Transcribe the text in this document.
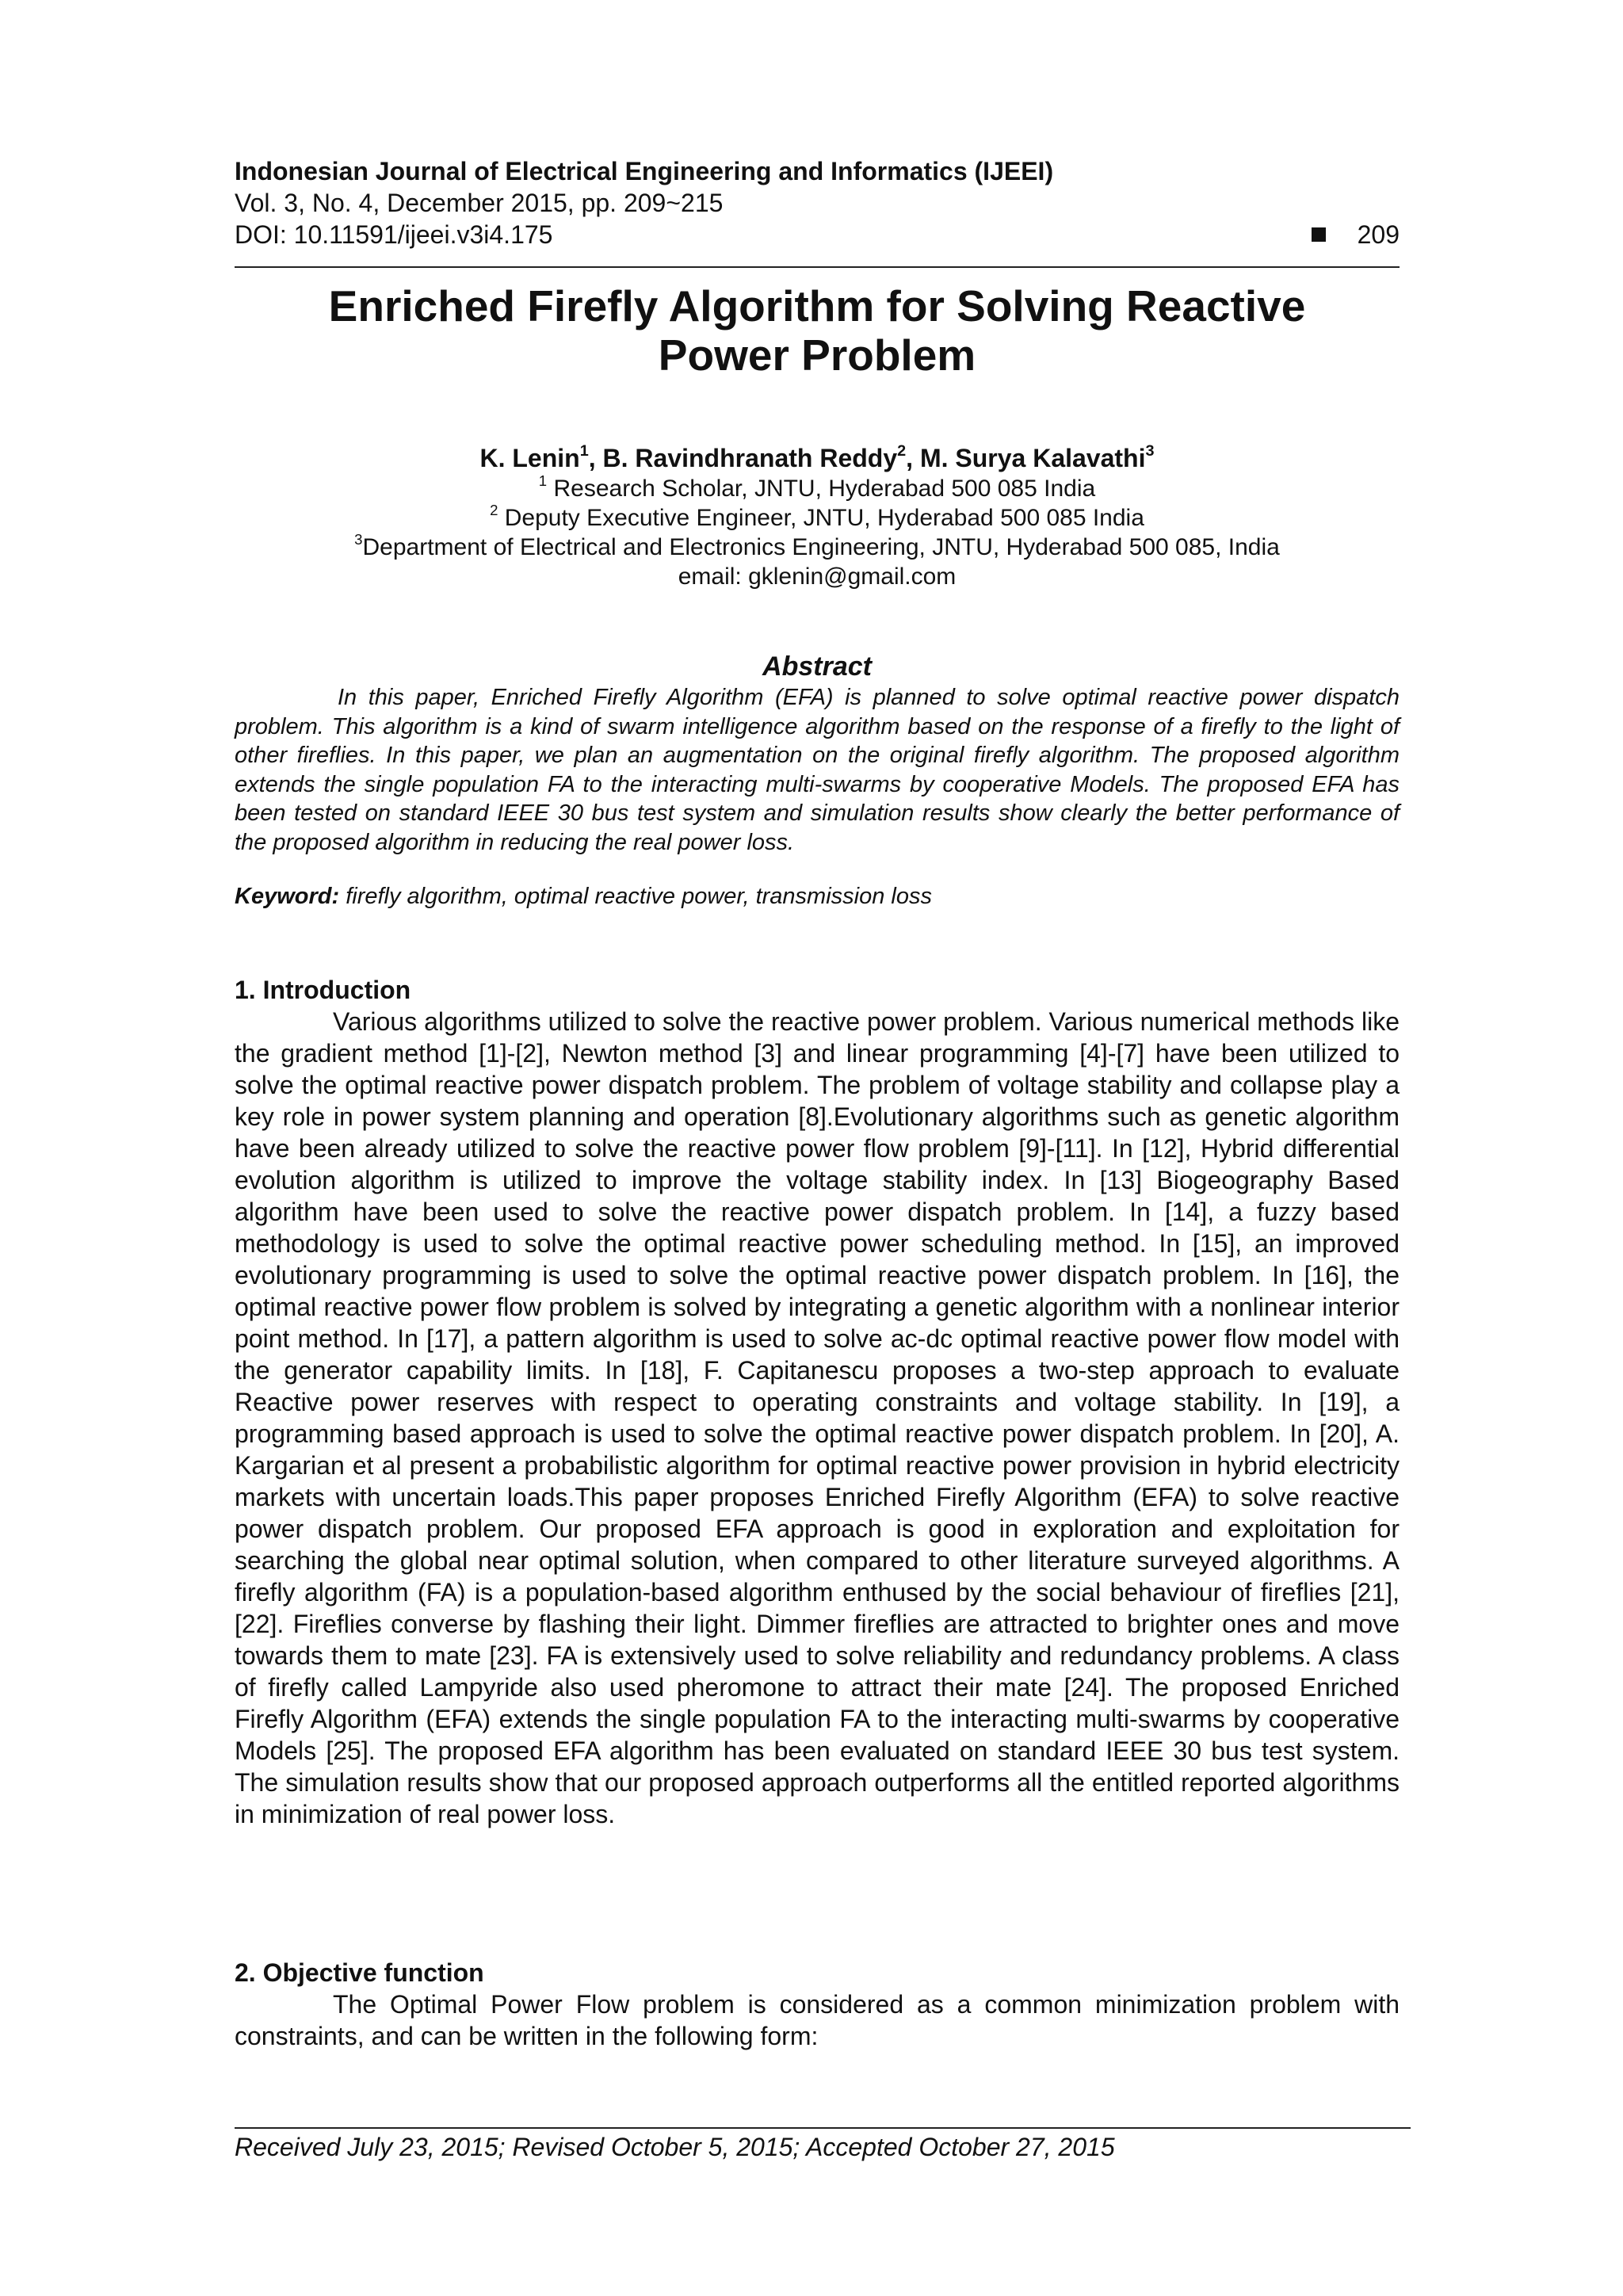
Indonesian Journal of Electrical Engineering and Informatics (IJEEI)
Vol. 3, No. 4, December 2015, pp. 209~215
DOI: 10.11591/ijeei.v3i4.175	209
Enriched Firefly Algorithm for Solving Reactive
Power Problem
K. Lenin$^1$, B. Ravindhranath Reddy$^2$, M. Surya Kalavathi$^3$
$^1$ Research Scholar, JNTU, Hyderabad 500 085 India
$^2$ Deputy Executive Engineer, JNTU, Hyderabad 500 085 India
$^3$Department of Electrical and Electronics Engineering, JNTU, Hyderabad 500 085, India
email: gklenin@gmail.com
Abstract

In this paper, Enriched Firefly Algorithm (EFA) is planned to solve optimal reactive power dispatch problem. This algorithm is a kind of swarm intelligence algorithm based on the response of a firefly to the light of other fireflies. In this paper, we plan an augmentation on the original firefly algorithm. The proposed algorithm extends the single population FA to the interacting multi-swarms by cooperative Models. The proposed EFA has been tested on standard IEEE 30 bus test system and simulation results show clearly the better performance of the proposed algorithm in reducing the real power loss.

Keyword: firefly algorithm, optimal reactive power, transmission loss
1. Introduction

Various algorithms utilized to solve the reactive power problem. Various numerical methods like the gradient method [1]-[2], Newton method [3] and linear programming [4]-[7] have been utilized to solve the optimal reactive power dispatch problem. The problem of voltage stability and collapse play a key role in power system planning and operation [8].Evolutionary algorithms such as genetic algorithm have been already utilized to solve the reactive power flow problem [9]-[11]. In [12], Hybrid differential evolution algorithm is utilized to improve the voltage stability index. In [13] Biogeography Based algorithm have been used to solve the reactive power dispatch problem. In [14], a fuzzy based methodology is used to solve the optimal reactive power scheduling method. In [15], an improved evolutionary programming is used to solve the optimal reactive power dispatch problem. In [16], the optimal reactive power flow problem is solved by integrating a genetic algorithm with a nonlinear interior point method. In [17], a pattern algorithm is used to solve ac-dc optimal reactive power flow model with the generator capability limits. In [18], F. Capitanescu proposes a two-step approach to evaluate Reactive power reserves with respect to operating constraints and voltage stability. In [19], a programming based approach is used to solve the optimal reactive power dispatch problem. In [20], A. Kargarian et al present a probabilistic algorithm for optimal reactive power provision in hybrid electricity markets with uncertain loads.This paper proposes Enriched Firefly Algorithm (EFA) to solve reactive power dispatch problem. Our proposed EFA approach is good in exploration and exploitation for searching the global near optimal solution, when compared to other literature surveyed algorithms. A firefly algorithm (FA) is a population-based algorithm enthused by the social behaviour of fireflies [21],[22]. Fireflies converse by flashing their light. Dimmer fireflies are attracted to brighter ones and move towards them to mate [23]. FA is extensively used to solve reliability and redundancy problems. A class of firefly called Lampyride also used pheromone to attract their mate [24]. The proposed Enriched Firefly Algorithm (EFA) extends the single population FA to the interacting multi-swarms by cooperative Models [25]. The proposed EFA algorithm has been evaluated on standard IEEE 30 bus test system. The simulation results show that our proposed approach outperforms all the entitled reported algorithms in minimization of real power loss.

2. Objective function

The Optimal Power Flow problem is considered as a common minimization problem with constraints, and can be written in the following form:

Received July 23, 2015; Revised October 5, 2015; Accepted October 27, 2015
